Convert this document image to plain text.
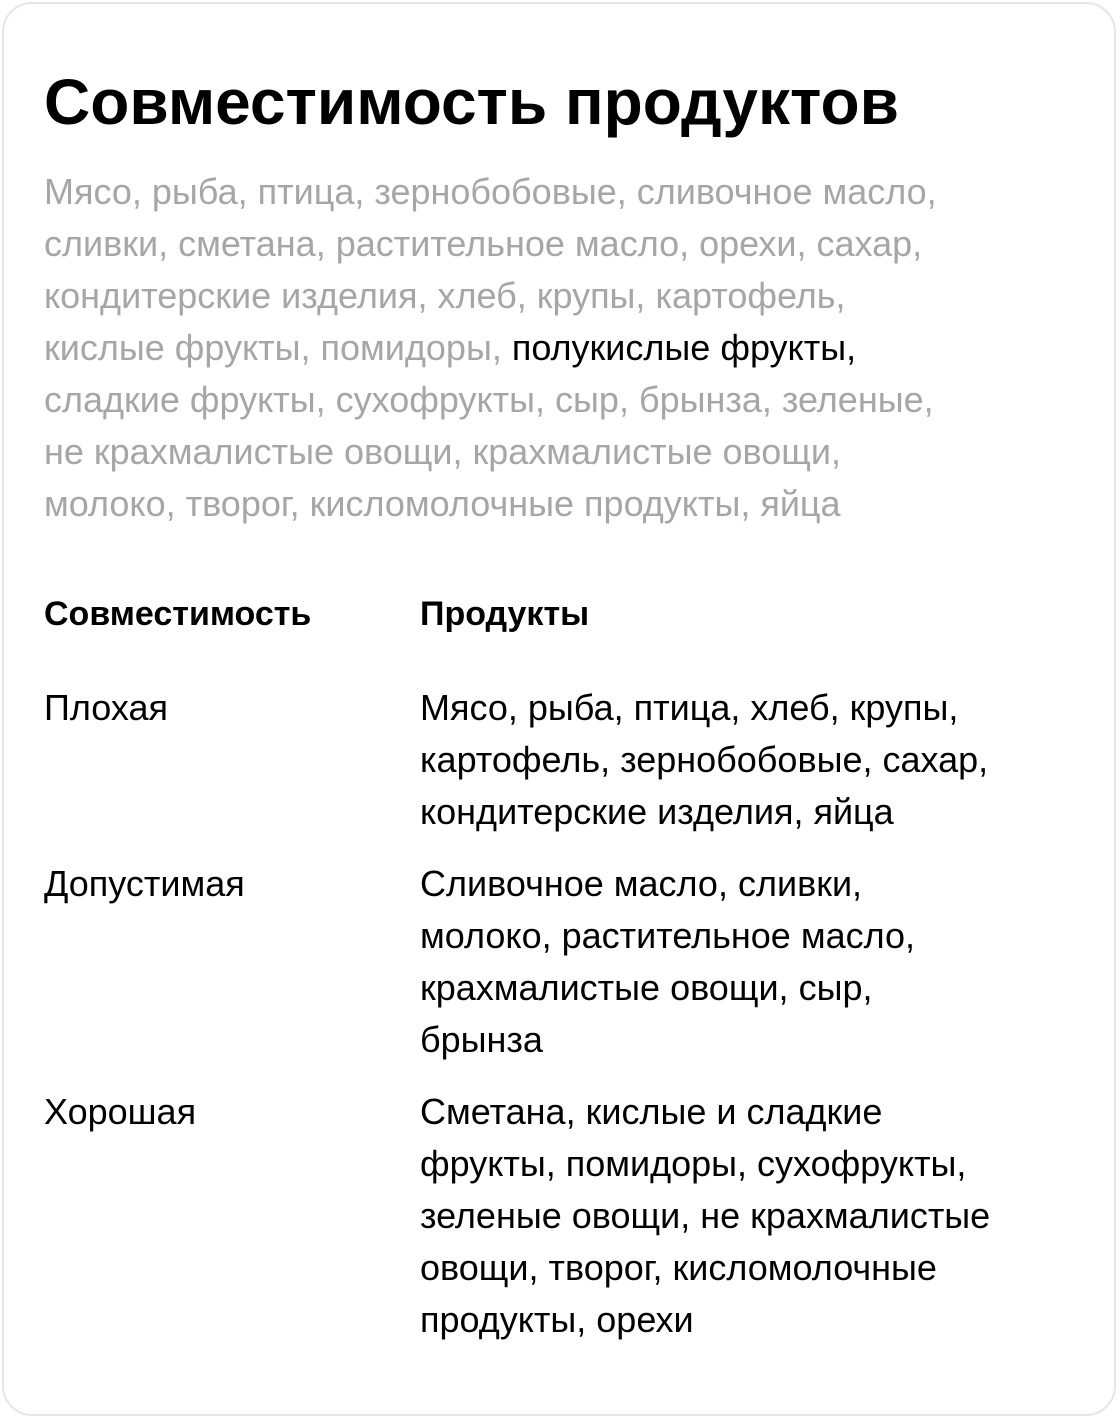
Совместимость продуктов

Мясо, рыба, птица, зернобобовые, сливочное масло,
сливки, сметана, растительное масло, орехи, сахар,
кондитерские изделия, хлеб, крупы, картофель,
кислые фрукты, помидоры, полукислые фрукты,
сладкие фрукты, сухофрукты, сыр, брынза, зеленые,
не крахмалистые овощи, крахмалистые овощи,
молоко, творог, кисломолочные продукты, яйца

Совместимость	Продукты
Плохая	Мясо, рыба, птица, хлеб, крупы,
картофель, зернобобовые, сахар,
кондитерские изделия, яйца
Допустимая	Сливочное масло, сливки,
молоко, растительное масло,
крахмалистые овощи, сыр,
брынза
Хорошая	Сметана, кислые и сладкие
фрукты, помидоры, сухофрукты,
зеленые овощи, не крахмалистые
овощи, творог, кисломолочные
продукты, орехи
